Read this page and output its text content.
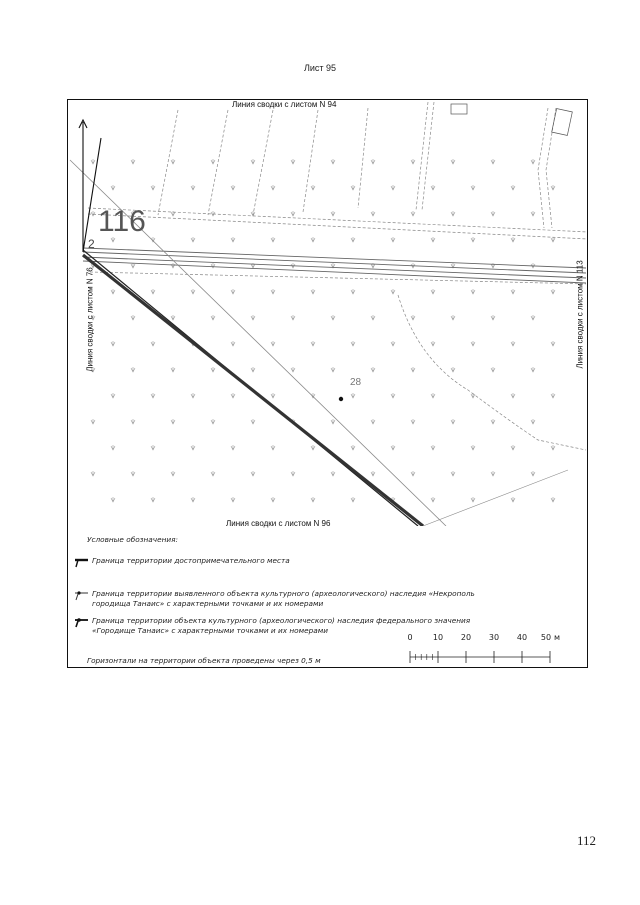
Лист 95
Линия сводки с листом N 94
Линия сводки с листом N 96
Линия сводки с листом N 76	Линия сводки с листом N 113
116
2
28
Условные обозначения:
Граница территории достопримечательного места
Граница территории выявленного объекта культурного (археологического) наследия «Некрополь
городища Танаис» с характерными точками и их номерами
Граница территории объекта культурного (археологического) наследия федерального значения
«Городище Танаис» с характерными точками и их номерами
Горизонтали на территории объекта проведены через 0,5 м
0	10 20 30 40 50 м
112
